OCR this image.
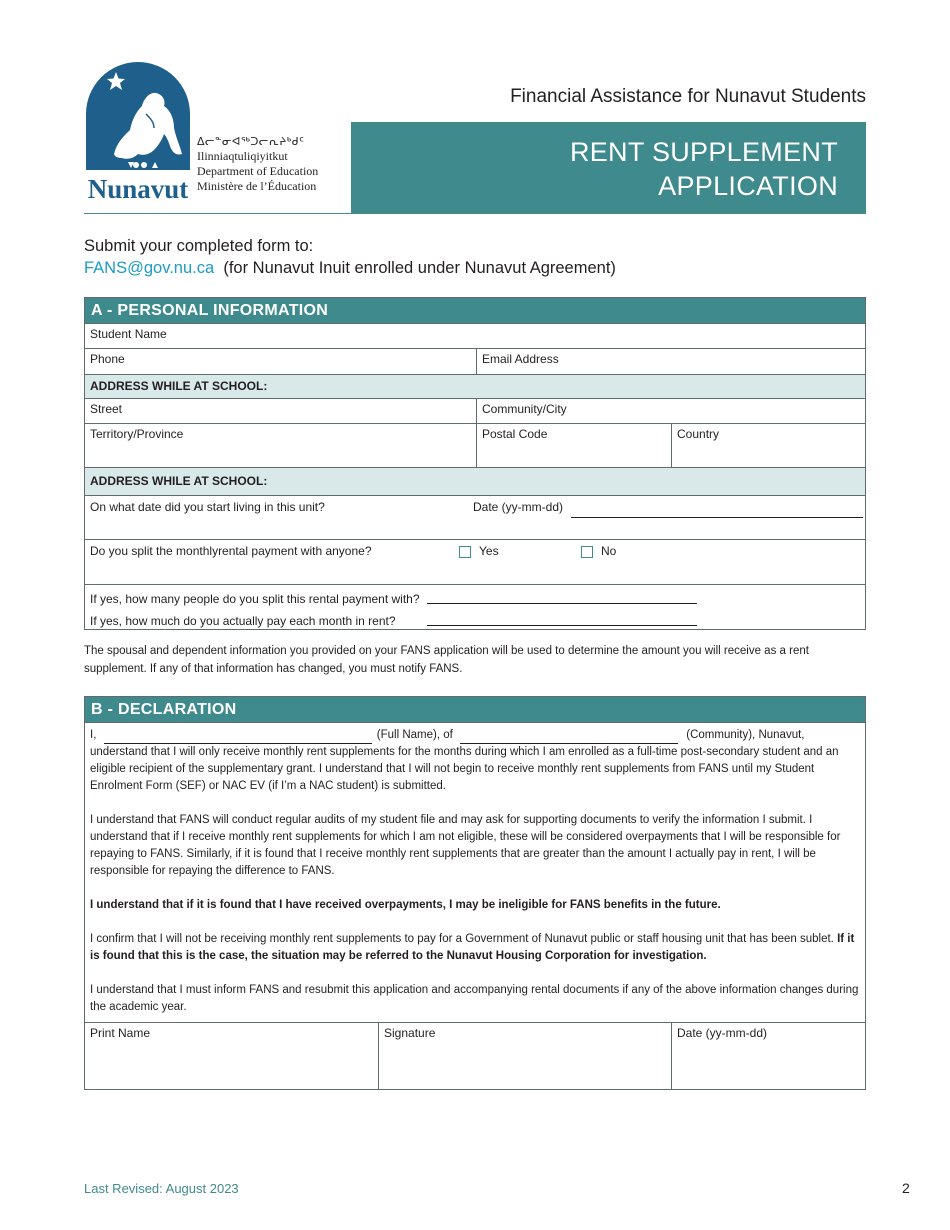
Nunavut
ᐃᓕᓐᓂᐊᖅᑐᓕᕆᔨᒃᑯᑦ
Ilinniaqtuliqiyitkut
Department of Education
Ministère de l’Éducation
Financial Assistance for Nunavut Students
RENT SUPPLEMENT
APPLICATION
Submit your completed form to:
FANS@gov.nu.ca (for Nunavut Inuit enrolled under Nunavut Agreement)
A - PERSONAL INFORMATION
Student Name
Phone	Email Address
ADDRESS WHILE AT SCHOOL:
Street	Community/City
Territory/Province	Postal Code	Country
ADDRESS WHILE AT SCHOOL:
On what date did you start living in this unit?	Date (yy-mm-dd)
Do you split the monthlyrental payment with anyone?	Yes	No
If yes, how many people do you split this rental payment with?
If yes, how much do you actually pay each month in rent?
The spousal and dependent information you provided on your FANS application will be used to determine the amount you will receive as a rent supplement. If any of that information has changed, you must notify FANS.
B - DECLARATION

I,	(Full Name), of	(Community), Nunavut,
understand that I will only receive monthly rent supplements for the months during which I am enrolled as a full-time post-secondary student and an eligible recipient of the supplementary grant. I understand that I will not begin to receive monthly rent supplements from FANS until my Student Enrolment Form (SEF) or NAC EV (if I’m a NAC student) is submitted.

I understand that FANS will conduct regular audits of my student file and may ask for supporting documents to verify the information I submit. I understand that if I receive monthly rent supplements for which I am not eligible, these will be considered overpayments that I will be responsible for repaying to FANS. Similarly, if it is found that I receive monthly rent supplements that are greater than the amount I actually pay in rent, I will be responsible for repaying the difference to FANS.

I understand that if it is found that I have received overpayments, I may be ineligible for FANS benefits in the future.

I confirm that I will not be receiving monthly rent supplements to pay for a Government of Nunavut public or staff housing unit that has been sublet. If it is found that this is the case, the situation may be referred to the Nunavut Housing Corporation for investigation.

I understand that I must inform FANS and resubmit this application and accompanying rental documents if any of the above information changes during the academic year.

Print Name	Signature	Date (yy-mm-dd)
Last Revised: August 2023	2
